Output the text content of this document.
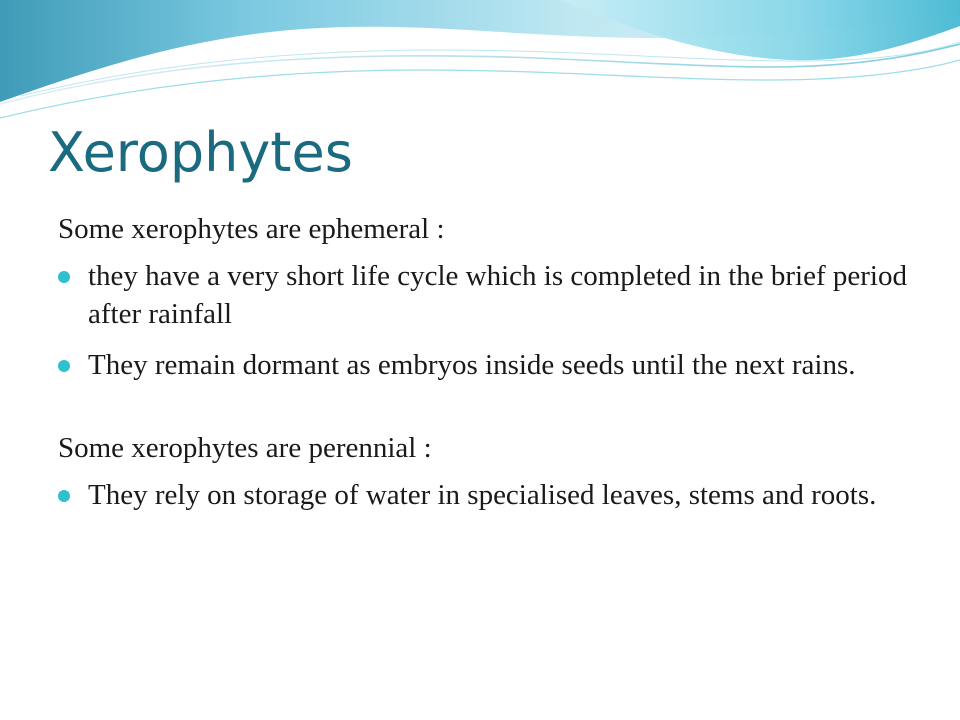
Xerophytes

Some xerophytes are ephemeral :

they have a very short life cycle which is completed in the brief period after rainfall
They remain dormant as embryos inside seeds until the next rains.

Some xerophytes are perennial :

They rely on storage of water in specialised leaves, stems and roots.
